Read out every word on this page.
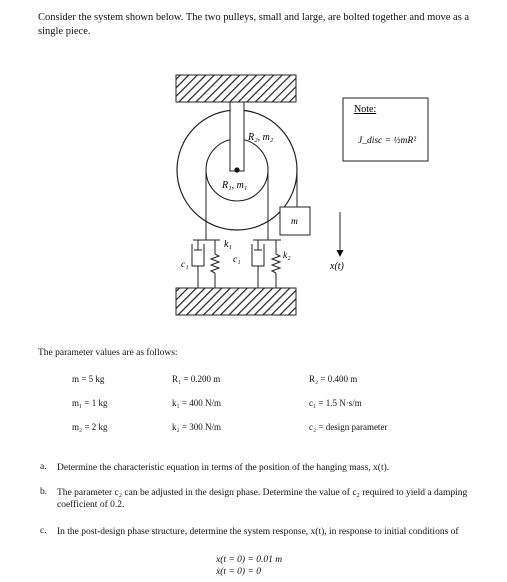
Consider the system shown below. The two pulleys, small and large, are bolted together and move as a single piece.
R₂, m₂
R₁, m₁
k₁
c₁	c₁	k₂
m
x(t)
Note:
J_disc = ½mR²
The parameter values are as follows:
m = 5 kg
m₁ = 1 kg
m₂ = 2 kg
R₁ = 0.200 m
k₁ = 400 N/m
k₂ = 300 N/m
R₂ = 0.400 m
c₁ = 1.5 N·s/m
c₂ = design parameter
a. Determine the characteristic equation in terms of the position of the hanging mass, x(t).
b. The parameter c₂ can be adjusted in the design phase. Determine the value of c₂ required to yield a damping coefficient of 0.2.
c. In the post-design phase structure, determine the system response, x(t), in response to initial conditions of
x(t = 0) = 0.01 m
ẋ(t = 0) = 0
